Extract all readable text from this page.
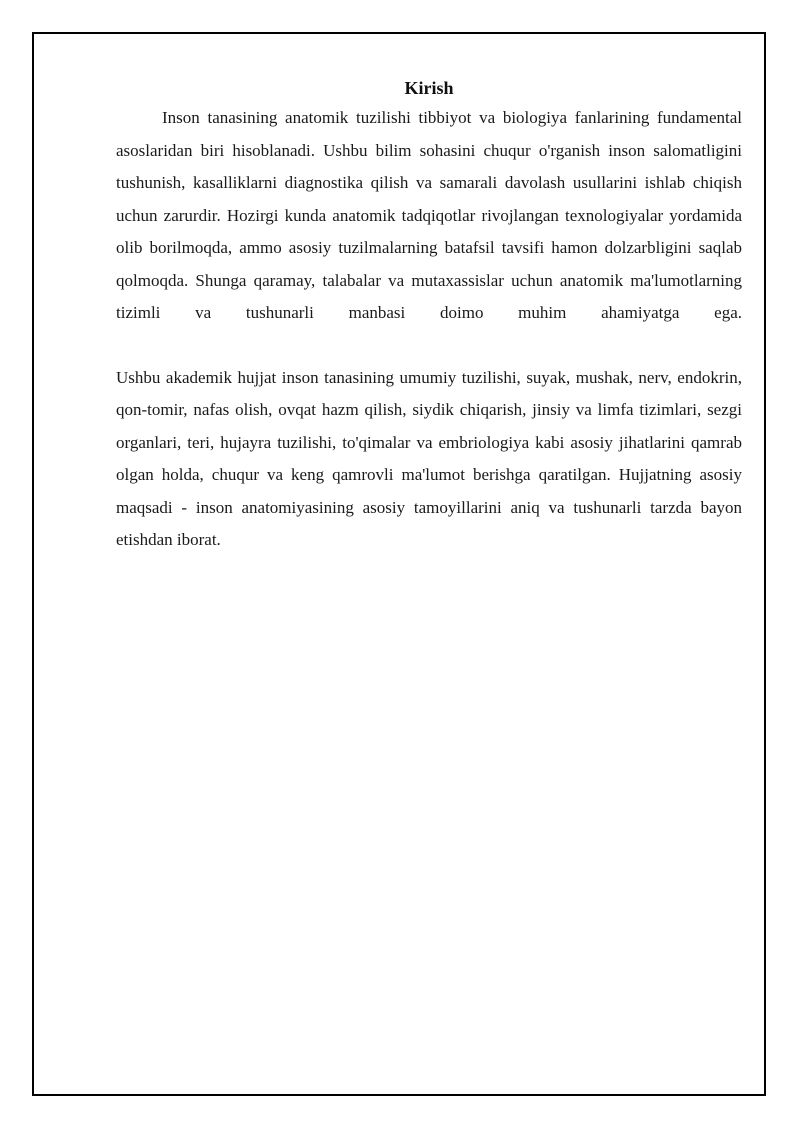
Kirish

Inson tanasining anatomik tuzilishi tibbiyot va biologiya fanlarining fundamental asoslaridan biri hisoblanadi. Ushbu bilim sohasini chuqur o'rganish inson salomatligini tushunish, kasalliklarni diagnostika qilish va samarali davolash usullarini ishlab chiqish uchun zarurdir. Hozirgi kunda anatomik tadqiqotlar rivojlangan texnologiyalar yordamida olib borilmoqda, ammo asosiy tuzilmalarning batafsil tavsifi hamon dolzarbligini saqlab qolmoqda. Shunga qaramay, talabalar va mutaxassislar uchun anatomik ma'lumotlarning tizimli va tushunarli manbasi doimo muhim ahamiyatga ega.

Ushbu akademik hujjat inson tanasining umumiy tuzilishi, suyak, mushak, nerv, endokrin, qon-tomir, nafas olish, ovqat hazm qilish, siydik chiqarish, jinsiy va limfa tizimlari, sezgi organlari, teri, hujayra tuzilishi, to'qimalar va embriologiya kabi asosiy jihatlarini qamrab olgan holda, chuqur va keng qamrovli ma'lumot berishga qaratilgan. Hujjatning asosiy maqsadi - inson anatomiyasining asosiy tamoyillarini aniq va tushunarli tarzda bayon etishdan iborat.
